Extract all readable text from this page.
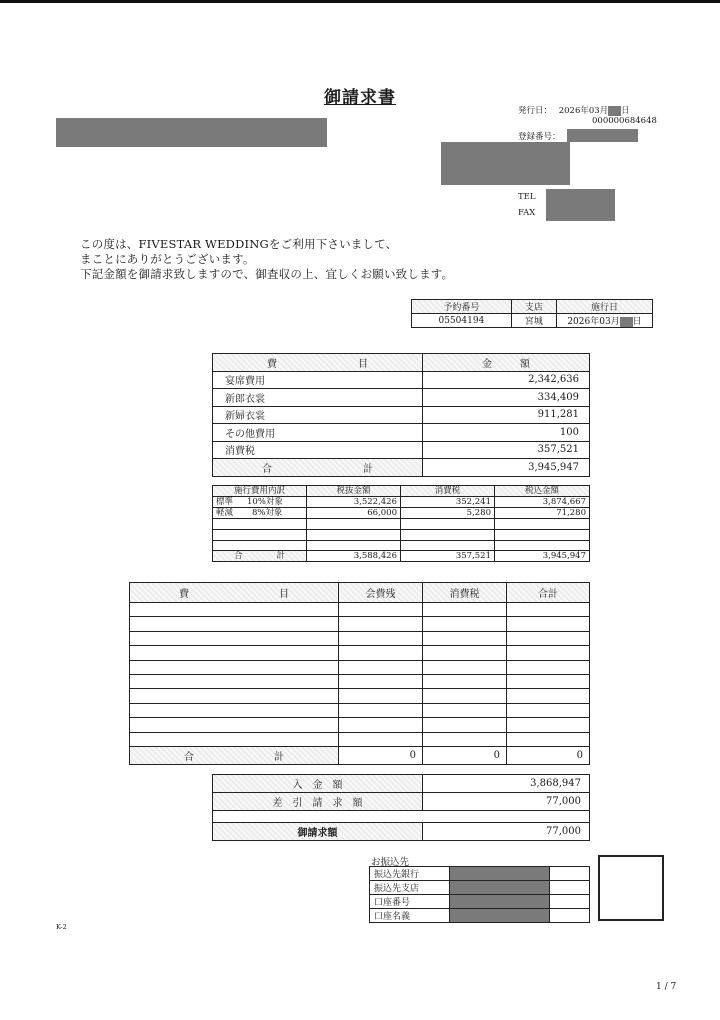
御請求書
発行日： 2026年03月 日
000000684648
登録番号：
TEL
FAX
この度は、FIVESTAR WEDDINGをご利用下さいまして、
まことにありがとうございます。
下記金額を御請求致しますので、御査収の上、宜しくお願い致します。
予約番号	支店	施行日
05504194	宮城	2026年03月 日
費 目	金 額

宴席費用	2,342,636
新郎衣裳	334,409
新婦衣裳	911,281
その他費用	100
消費税	357,521

合 計	3,945,947
施行費用内訳	税抜金額	消費税	税込金額
標準 10%対象	3,522,426	352,241	3,874,667
軽減 8%対象	66,000	5,280	71,280

合 計	3,588,426	357,521	3,945,947
費 目	会費残	消費税	合計

合 計	0	0	0
入　金　額	3,868,947
差　引　請　求　額	77,000

御請求額	77,000
お振込先
振込先銀行		
振込先支店		
口座番号		
口座名義		
K-2
1 / 7
